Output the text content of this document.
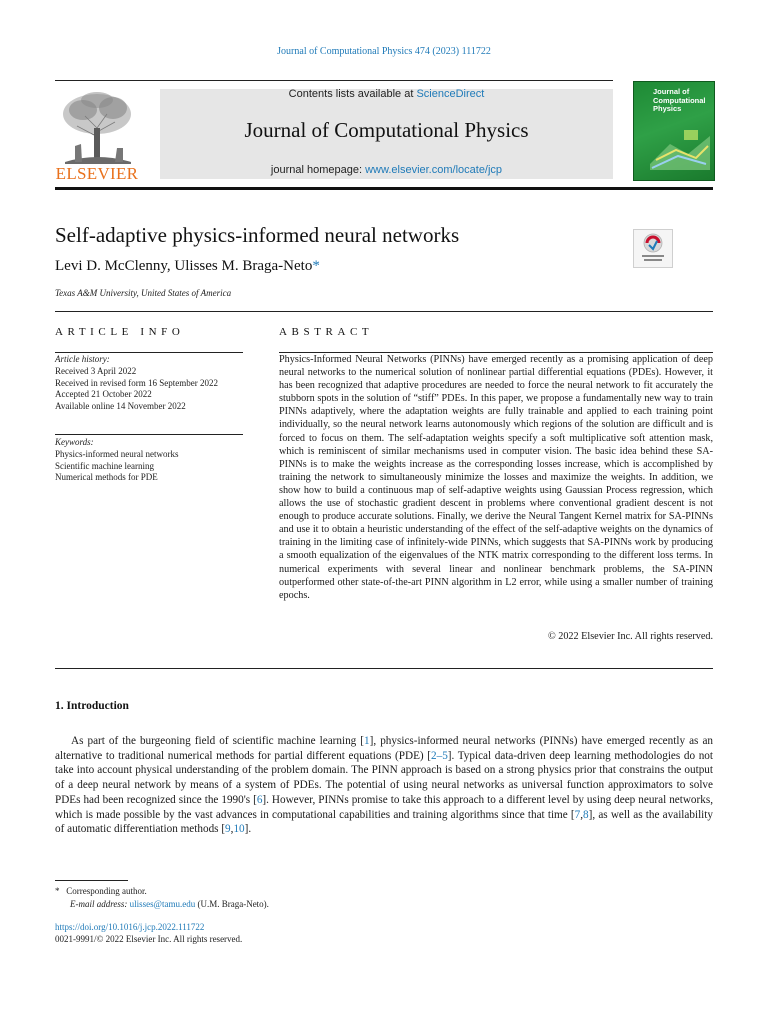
Journal of Computational Physics 474 (2023) 111722
ELSEVIER
Contents lists available at ScienceDirect
Journal of Computational Physics
journal homepage: www.elsevier.com/locate/jcp
Journal of
Computational
Physics
Self-adaptive physics-informed neural networks
Levi D. McClenny, Ulisses M. Braga-Neto*
Texas A&M University, United States of America
ARTICLE INFO	ABSTRACT
Article history:
Received 3 April 2022
Received in revised form 16 September 2022
Accepted 21 October 2022
Available online 14 November 2022
Keywords:
Physics-informed neural networks
Scientific machine learning
Numerical methods for PDE
Physics-Informed Neural Networks (PINNs) have emerged recently as a promising application of deep neural networks to the numerical solution of nonlinear partial differential equations (PDEs). However, it has been recognized that adaptive procedures are needed to force the neural network to fit accurately the stubborn spots in the solution of “stiff” PDEs. In this paper, we propose a fundamentally new way to train PINNs adaptively, where the adaptation weights are fully trainable and applied to each training point individually, so the neural network learns autonomously which regions of the solution are difficult and is forced to focus on them. The self-adaptation weights specify a soft multiplicative soft attention mask, which is reminiscent of similar mechanisms used in computer vision. The basic idea behind these SA-PINNs is to make the weights increase as the corresponding losses increase, which is accomplished by training the network to simultaneously minimize the losses and maximize the weights. In addition, we show how to build a continuous map of self-adaptive weights using Gaussian Process regression, which allows the use of stochastic gradient descent in problems where conventional gradient descent is not enough to produce accurate solutions. Finally, we derive the Neural Tangent Kernel matrix for SA-PINNs and use it to obtain a heuristic understanding of the effect of the self-adaptive weights on the dynamics of training in the limiting case of infinitely-wide PINNs, which suggests that SA-PINNs work by producing a smooth equalization of the eigenvalues of the NTK matrix corresponding to the different loss terms. In numerical experiments with several linear and nonlinear benchmark problems, the SA-PINN outperformed other state-of-the-art PINN algorithm in L2 error, while using a smaller number of training epochs.
© 2022 Elsevier Inc. All rights reserved.
1. Introduction
As part of the burgeoning field of scientific machine learning [1], physics-informed neural networks (PINNs) have emerged recently as an alternative to traditional numerical methods for partial different equations (PDE) [2–5]. Typical data-driven deep learning methodologies do not take into account physical understanding of the problem domain. The PINN approach is based on a strong physics prior that constrains the output of a deep neural network by means of a system of PDEs. The potential of using neural networks as universal function approximators to solve PDEs had been recognized since the 1990's [6]. However, PINNs promise to take this approach to a different level by using deep neural networks, which is made possible by the vast advances in computational capabilities and training algorithms since that time [7,8], as well as the availability of automatic differentiation methods [9,10].
* Corresponding author.
E-mail address: ulisses@tamu.edu (U.M. Braga-Neto).
https://doi.org/10.1016/j.jcp.2022.111722
0021-9991/© 2022 Elsevier Inc. All rights reserved.
